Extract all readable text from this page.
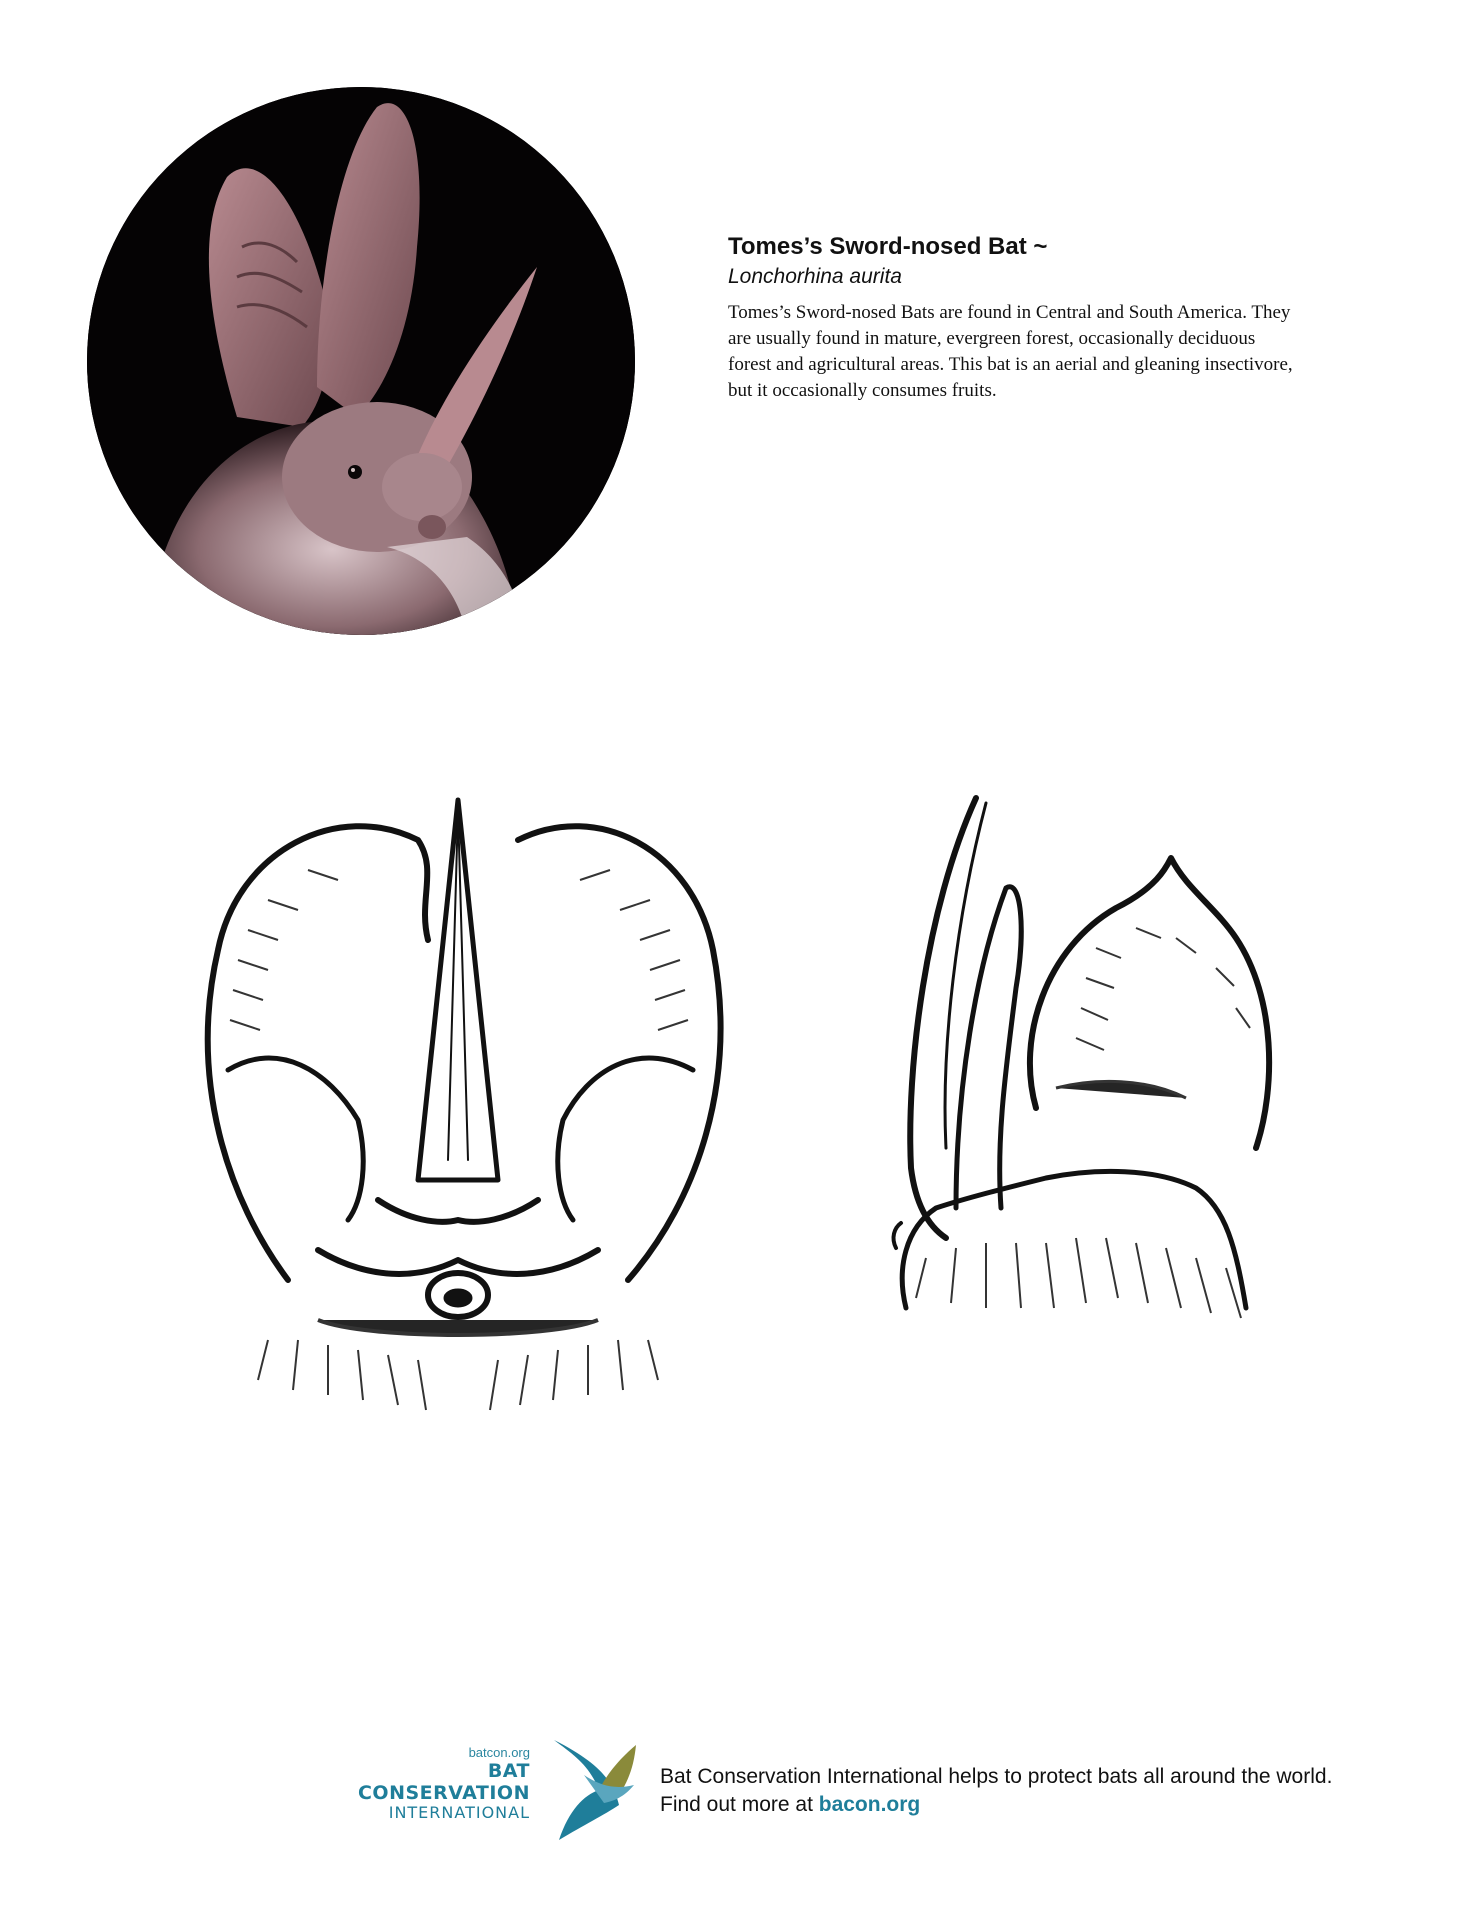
Tomes’s Sword-nosed Bat ~

Lonchorhina aurita

Tomes’s Sword-nosed Bats are found in Central and South America. They are usually found in mature, evergreen forest, occasionally deciduous forest and agricultural areas. This bat is an aerial and gleaning insectivore, but it occasionally consumes fruits.

batcon.org
BAT CONSERVATION
INTERNATIONAL
Bat Conservation International helps to protect bats all around the world.
Find out more at bacon.org
